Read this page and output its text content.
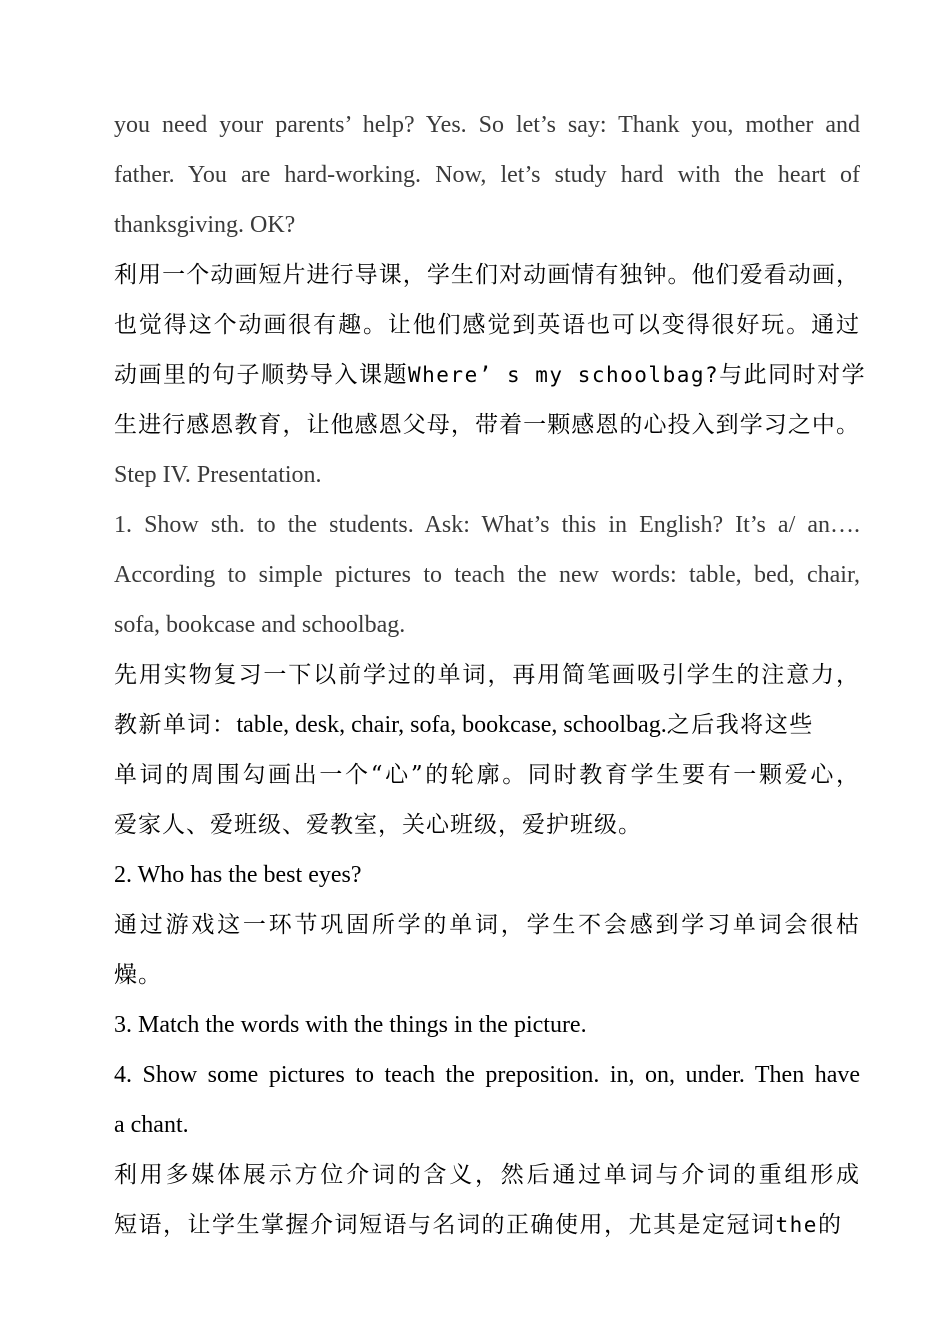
you need your parents’ help? Yes. So let’s say: Thank you, mother and
father. You are hard-working. Now, let’s study hard with the heart of
thanksgiving. OK?
利用一个动画短片进行导课，学生们对动画情有独钟。他们爱看动画，
也觉得这个动画很有趣。让他们感觉到英语也可以变得很好玩。通过
动画里的句子顺势导入课题Where’ s my schoolbag?与此同时对学
生进行感恩教育，让他感恩父母，带着一颗感恩的心投入到学习之中。
Step IV. Presentation.
1. Show sth. to the students. Ask: What’s this in English? It’s a/ an….
According to simple pictures to teach the new words: table, bed, chair,
sofa, bookcase and schoolbag.
先用实物复习一下以前学过的单词，再用简笔画吸引学生的注意力，
教新单词：table, desk, chair, sofa, bookcase, schoolbag.之后我将这些
单词的周围勾画出一个“心”的轮廓。同时教育学生要有一颗爱心，
爱家人、爱班级、爱教室，关心班级，爱护班级。
2. Who has the best eyes?
通过游戏这一环节巩固所学的单词，学生不会感到学习单词会很枯
燥。
3. Match the words with the things in the picture.
4. Show some pictures to teach the preposition. in, on, under. Then have
a chant.
利用多媒体展示方位介词的含义，然后通过单词与介词的重组形成
短语，让学生掌握介词短语与名词的正确使用，尤其是定冠词the的
